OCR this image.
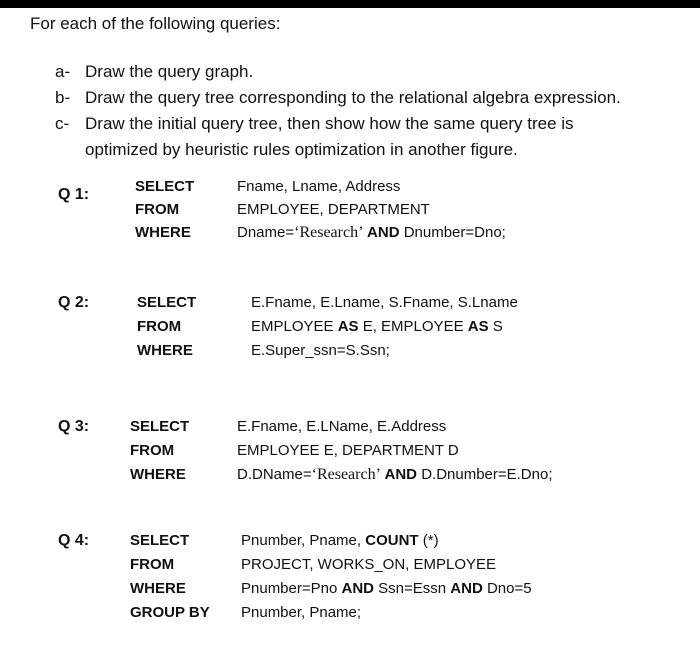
For each of the following queries:
a- Draw the query graph.
b- Draw the query tree corresponding to the relational algebra expression.
c- Draw the initial query tree, then show how the same query tree is
optimized by heuristic rules optimization in another figure.
Q 1:	SELECT	Fname, Lname, Address
FROM	EMPLOYEE, DEPARTMENT
WHERE	Dname=‘Research’ AND Dnumber=Dno;
Q 2:	SELECT	E.Fname, E.Lname, S.Fname, S.Lname
FROM	EMPLOYEE AS E, EMPLOYEE AS S
WHERE	E.Super_ssn=S.Ssn;
Q 3:	SELECT	E.Fname, E.LName, E.Address
FROM	EMPLOYEE E, DEPARTMENT D
WHERE	D.DName=‘Research’ AND D.Dnumber=E.Dno;
Q 4:	SELECT	Pnumber, Pname, COUNT (*)
FROM	PROJECT, WORKS_ON, EMPLOYEE
WHERE	Pnumber=Pno AND Ssn=Essn AND Dno=5
GROUP BY Pnumber, Pname;
